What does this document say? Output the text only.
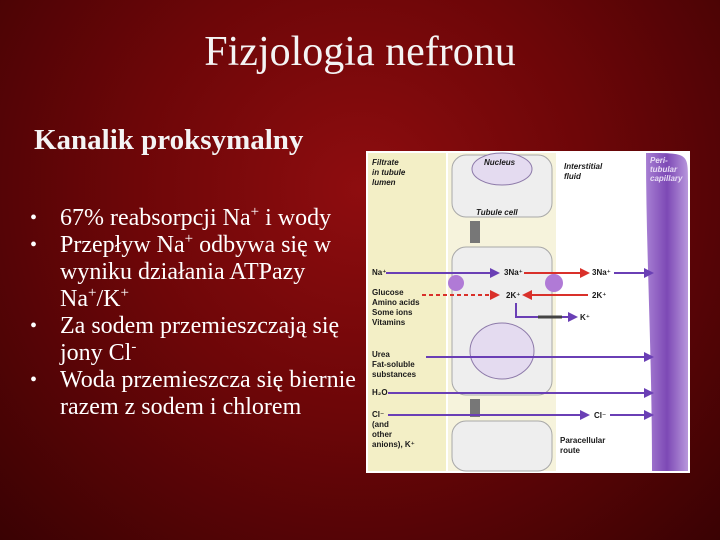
Fizjologia nefronu
Kanalik proksymalny
• 67% reabsorpcji Na+ i wody
• Przepływ Na+ odbywa się w wyniku działania ATPazy Na+/K+
• Za sodem przemieszczają się jony Cl-
• Woda przemieszcza się biernie razem z sodem i chlorem
Filtrate
in tubule
lumen
Nucleus	Interstitial
fluid
Peri-
tubular
capillary
Tubule cell
Na⁺	3Na⁺	3Na⁺
Glucose
Amino acids
Some ions
Vitamins
2K⁺	2K⁺
K⁺
Urea
Fat-soluble
substances
H₂O
Cl⁻
(and
other
anions), K⁺
Cl⁻
Paracellular
route
